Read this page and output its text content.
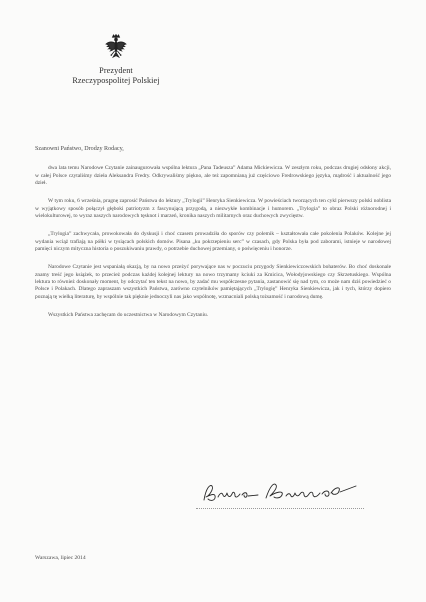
Prezydent
Rzeczypospolitej Polskiej

Szanowni Państwo, Drodzy Rodacy,

dwa lata temu Narodowe Czytanie zainaugurowała wspólna lektura „Pana Tadeusza” Adama Mickiewicza. W zeszłym roku, podczas drugiej odsłony akcji, w całej Polsce czytaliśmy dzieła Aleksandra Fredry. Odkrywaliśmy piękno, ale też zapomnianą już częściowo Fredrowskiego języka, mądrość i aktualność jego dzieł.

W tym roku, 6 września, pragnę zaprosić Państwa do lektury „Trylogii” Henryka Sienkiewicza. W powieściach tworzących ten cykl pierwszy polski noblista w wyjątkowy sposób połączył głęboki patriotyzm z fascynującą przygodą, a niezwykłe kombinacje i humorem. „Trylogia” to obraz Polski różnorodnej i wielokulturowej, to wyraz naszych narodowych tęsknot i marzeń, kronika naszych militarnych oraz duchowych zwycięstw.

„Trylogia” zachwycała, prowokowała do dyskusji i choć czasem prowadziła do sporów czy polemik – kształtowała całe pokolenia Polaków. Kolejne jej wydania wciąż trafiają na półki w tysiącach polskich domów. Pisana „ku pokrzepieniu serc” w czasach, gdy Polska była pod zaborami, istnieje w narodowej pamięci niczym mityczna historia o poszukiwaniu prawdy, o potrzebie duchowej przemiany, o poświęceniu i honorze.

Narodowe Czytanie jest wspaniałą okazją, by na nowo przeżyć porywające nas w poczuciu przygody Sienkiewiczowskich bohaterów. Bo choć doskonale znamy treść jego książek, to przecież podczas każdej kolejnej lektury na nowo trzymamy kciuki za Kmicica, Wołodyjowskiego czy Skrzetuskiego. Wspólna lektura to również doskonały moment, by odczytać ten tekst na nowo, by zadać mu współczesne pytania, zastanowić się nad tym, co może nam dziś powiedzieć o Polsce i Polakach. Dlatego zapraszam wszystkich Państwa, zarówno czytelników pamiętających „Trylogię” Henryka Sienkiewicza, jak i tych, którzy dopiero poznają tę wielką literaturę, by wspólnie tak pięknie jednoczyli nas jako wspólnotę, wzmacniali polską tożsamość i narodową dumę.

Wszystkich Państwa zachęcam do uczestnictwa w Narodowym Czytaniu.

Warszawa, lipiec 2014
